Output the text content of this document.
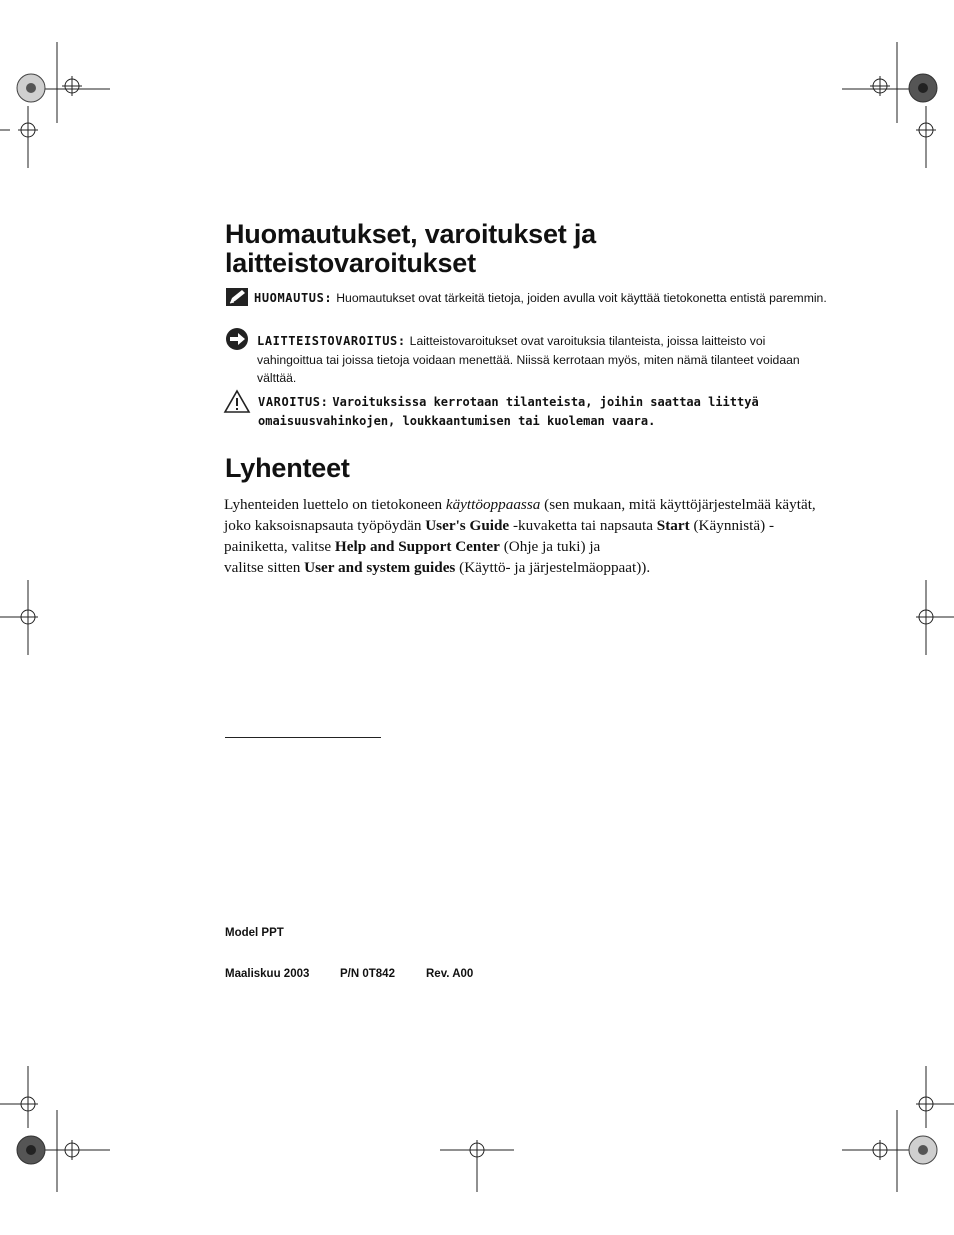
Huomautukset, varoitukset ja
laitteistovaroitukset
HUOMAUTUS: Huomautukset ovat tärkeitä tietoja, joiden avulla voit käyttää tietokonetta entistä paremmin.
LAITTEISTOVAROITUS: Laitteistovaroitukset ovat varoituksia tilanteista, joissa laitteisto voi vahingoittua tai joissa tietoja voidaan menettää. Niissä kerrotaan myös, miten nämä tilanteet voidaan välttää.
VAROITUS: Varoituksissa kerrotaan tilanteista, joihin saattaa liittyä omaisuusvahinkojen, loukkaantumisen tai kuoleman vaara.
Lyhenteet
Lyhenteiden luettelo on tietokoneen käyttöoppaassa (sen mukaan, mitä käyttöjärjestelmää käytät, joko kaksoisnapsauta työpöydän User's Guide -kuvaketta tai napsauta Start (Käynnistä) -painiketta, valitse Help and Support Center (Ohje ja tuki) ja
valitse sitten User and system guides (Käyttö- ja järjestelmäoppaat)).
Model PPT
Maaliskuu 2003	P/N 0T842	Rev. A00
